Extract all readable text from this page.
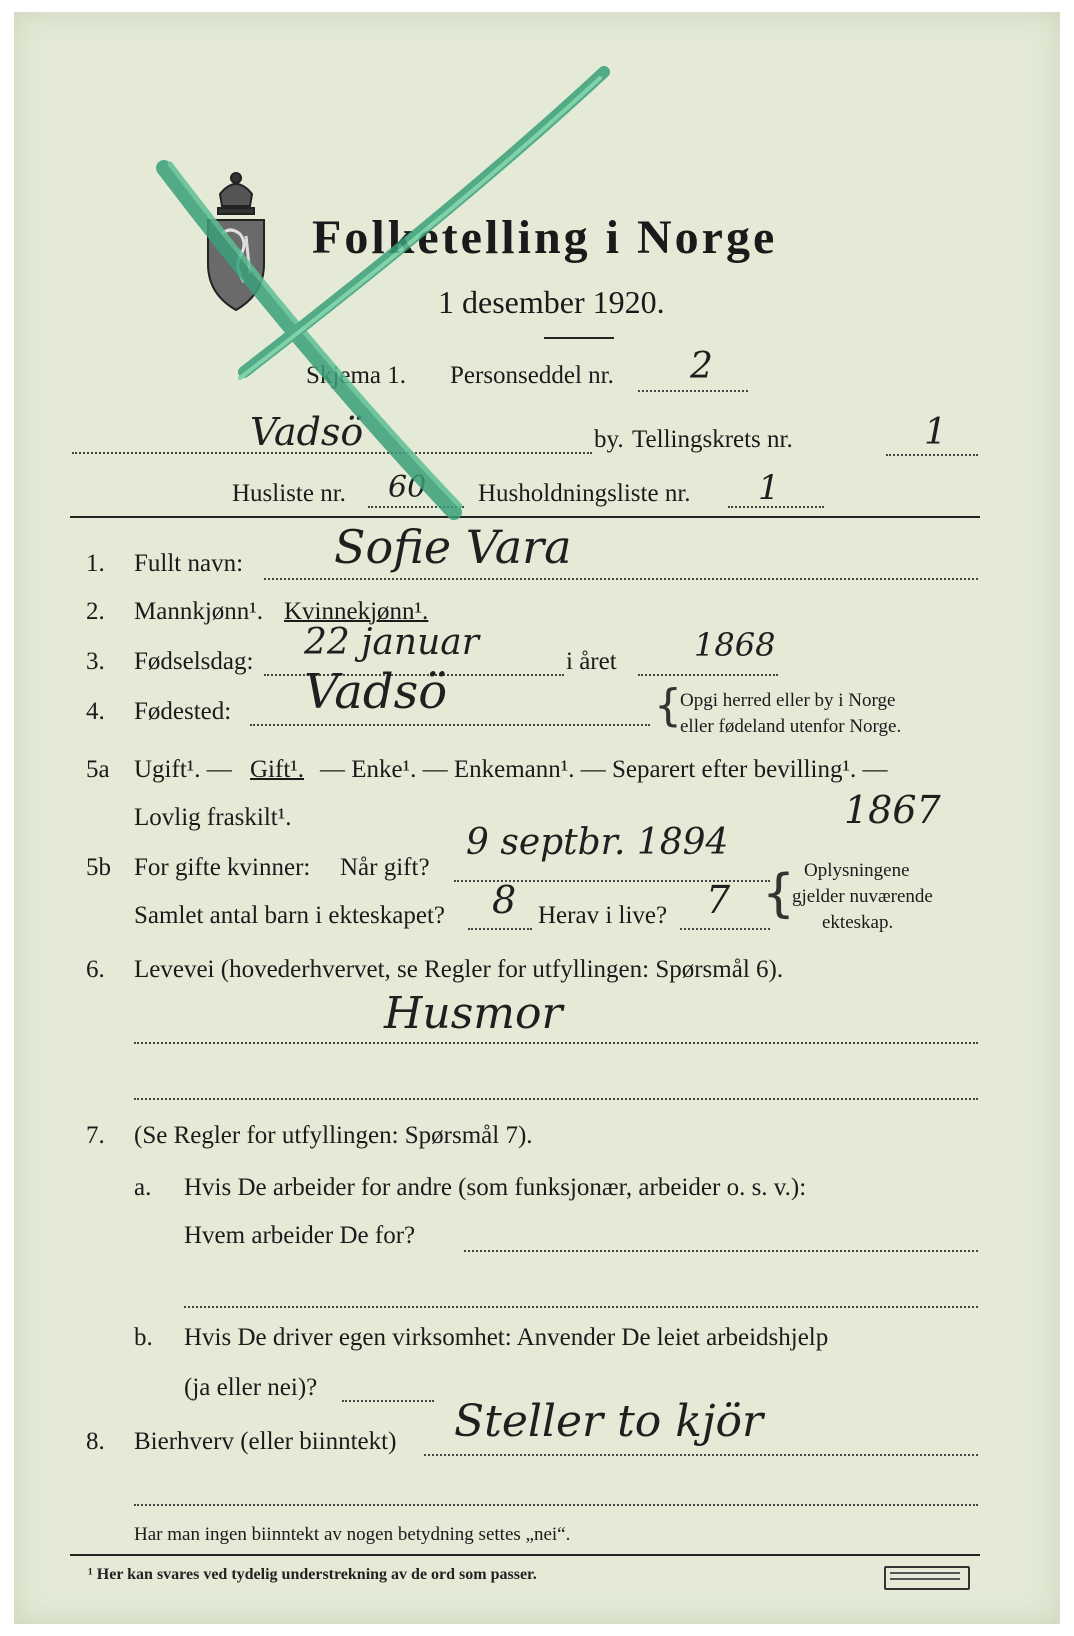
Folketelling i Norge
1 desember 1920.
Skjema 1. Personseddel nr. 2
Vadsö	by. Tellingskrets nr.	1
Husliste nr. 60 Husholdningsliste nr. 1
1. Fullt navn: Sofie Vara
2. Mannkjønn¹. Kvinnekjønn¹.
3. Fødselsdag: 22 januar	i året 1868
4. Fødested: Vadsö	{
Opgi herred eller by i Norge
eller fødeland utenfor Norge.
5a Ugift¹. — Gift¹. — Enke¹. — Enkemann¹. — Separert efter bevilling¹. —
Lovlig fraskilt¹.
5b For gifte kvinner: Når gift?
9 septbr. 1894
1867
Samlet antal barn i ekteskapet? 8 Herav i live? 7 { Oplysningene
gjelder nuværende
ekteskap.
6. Levevei (hovederhvervet, se Regler for utfyllingen: Spørsmål 6).
Husmor
7. (Se Regler for utfyllingen: Spørsmål 7).
a. Hvis De arbeider for andre (som funksjonær, arbeider o. s. v.):
Hvem arbeider De for?
b. Hvis De driver egen virksomhet: Anvender De leiet arbeidshjelp
(ja eller nei)?
8. Bierhverv (eller biinntekt) Steller to kjör
Har man ingen biinntekt av nogen betydning settes „nei“.
¹ Her kan svares ved tydelig understrekning av de ord som passer.
